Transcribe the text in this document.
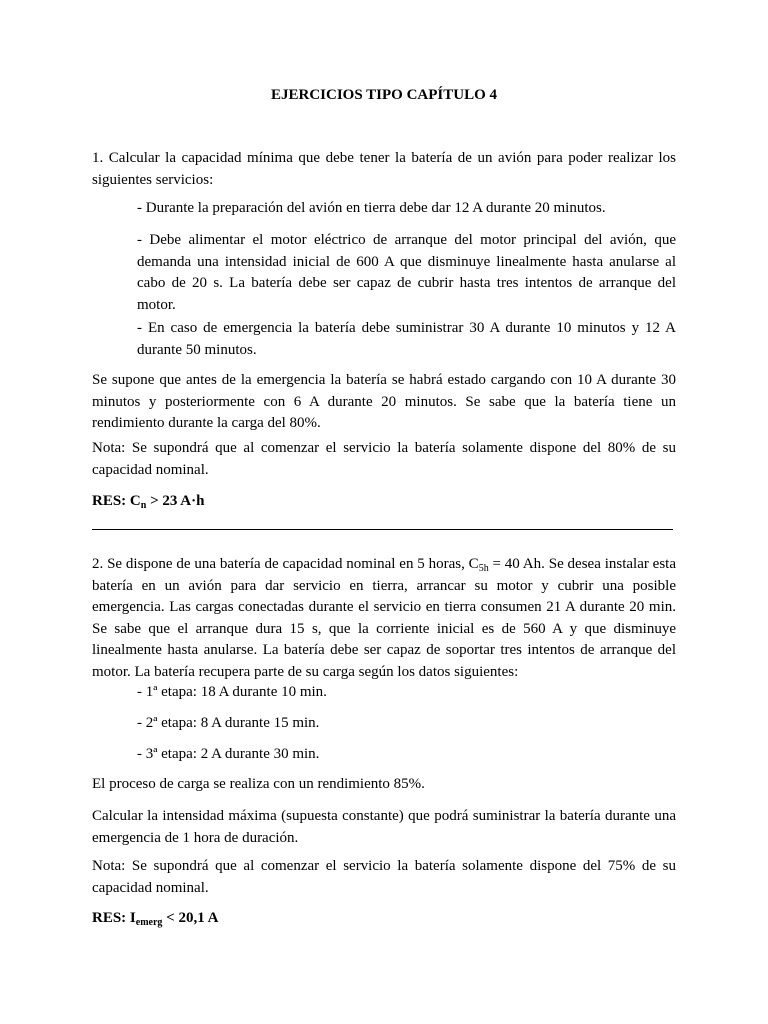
EJERCICIOS TIPO CAPÍTULO 4

1. Calcular la capacidad mínima que debe tener la batería de un avión para poder realizar los siguientes servicios:

- Durante la preparación del avión en tierra debe dar 12 A durante 20 minutos.

- Debe alimentar el motor eléctrico de arranque del motor principal del avión, que demanda una intensidad inicial de 600 A que disminuye linealmente hasta anularse al cabo de 20 s. La batería debe ser capaz de cubrir hasta tres intentos de arranque del motor.

- En caso de emergencia la batería debe suministrar 30 A durante 10 minutos y 12 A durante 50 minutos.

Se supone que antes de la emergencia la batería se habrá estado cargando con 10 A durante 30 minutos y posteriormente con 6 A durante 20 minutos. Se sabe que la batería tiene un rendimiento durante la carga del 80%.

Nota: Se supondrá que al comenzar el servicio la batería solamente dispone del 80% de su capacidad nominal.

RES: $C_n > 23$ A·h

2. Se dispone de una batería de capacidad nominal en 5 horas, $C_{5h} = 40$ Ah. Se desea instalar esta batería en un avión para dar servicio en tierra, arrancar su motor y cubrir una posible emergencia. Las cargas conectadas durante el servicio en tierra consumen 21 A durante 20 min. Se sabe que el arranque dura 15 s, que la corriente inicial es de 560 A y que disminuye linealmente hasta anularse. La batería debe ser capaz de soportar tres intentos de arranque del motor. La batería recupera parte de su carga según los datos siguientes:

- 1ª etapa: 18 A durante 10 min.

- 2ª etapa: 8 A durante 15 min.

- 3ª etapa: 2 A durante 30 min.

El proceso de carga se realiza con un rendimiento 85%.

Calcular la intensidad máxima (supuesta constante) que podrá suministrar la batería durante una emergencia de 1 hora de duración.

Nota: Se supondrá que al comenzar el servicio la batería solamente dispone del 75% de su capacidad nominal.

RES: $I_{emerg} < 20,1$ A
